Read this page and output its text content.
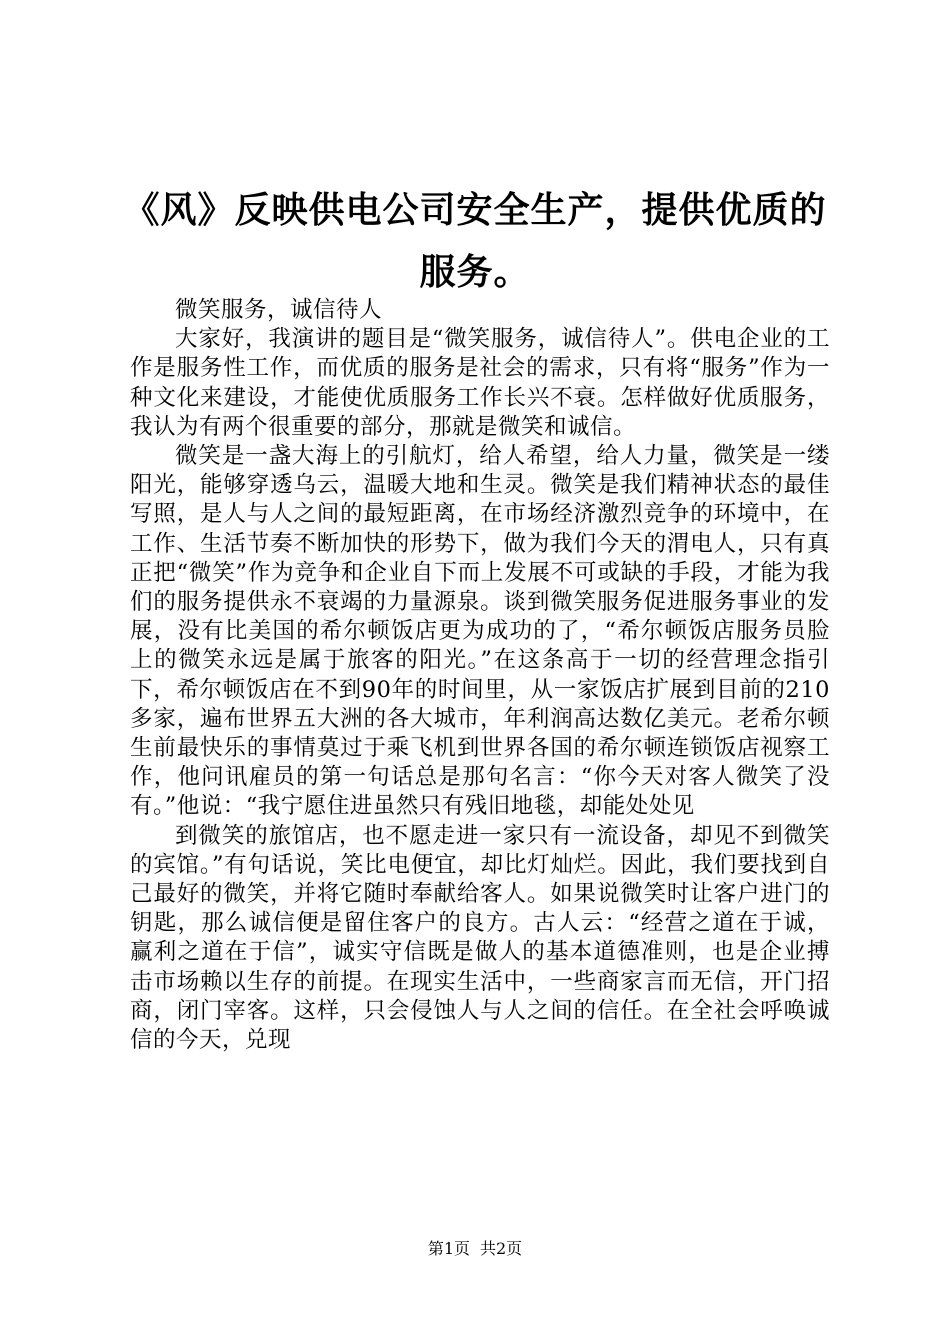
《风》反映供电公司安全生产，提供优质的服务。

微笑服务，诚信待人

大家好，我演讲的题目是“微笑服务，诚信待人”。供电企业的工作是服务性工作，而优质的服务是社会的需求，只有将“服务”作为一种文化来建设，才能使优质服务工作长兴不衰。怎样做好优质服务，我认为有两个很重要的部分，那就是微笑和诚信。

微笑是一盏大海上的引航灯，给人希望，给人力量，微笑是一缕阳光，能够穿透乌云，温暖大地和生灵。微笑是我们精神状态的最佳写照，是人与人之间的最短距离，在市场经济激烈竞争的环境中，在工作、生活节奏不断加快的形势下，做为我们今天的渭电人，只有真正把“微笑”作为竞争和企业自下而上发展不可或缺的手段，才能为我们的服务提供永不衰竭的力量源泉。谈到微笑服务促进服务事业的发展，没有比美国的希尔顿饭店更为成功的了，“希尔顿饭店服务员脸上的微笑永远是属于旅客的阳光。”在这条高于一切的经营理念指引下，希尔顿饭店在不到90年的时间里，从一家饭店扩展到目前的210多家，遍布世界五大洲的各大城市，年利润高达数亿美元。老希尔顿生前最快乐的事情莫过于乘飞机到世界各国的希尔顿连锁饭店视察工作，他问讯雇员的第一句话总是那句名言：“你今天对客人微笑了没有。”他说：“我宁愿住进虽然只有残旧地毯，却能处处见

到微笑的旅馆店，也不愿走进一家只有一流设备，却见不到微笑的宾馆。”有句话说，笑比电便宜，却比灯灿烂。因此，我们要找到自己最好的微笑，并将它随时奉献给客人。如果说微笑时让客户进门的钥匙，那么诚信便是留住客户的良方。古人云：“经营之道在于诚，赢利之道在于信”，诚实守信既是做人的基本道德准则，也是企业搏击市场赖以生存的前提。在现实生活中，一些商家言而无信，开门招商，闭门宰客。这样，只会侵蚀人与人之间的信任。在全社会呼唤诚信的今天，兑现

第1页 共2页
